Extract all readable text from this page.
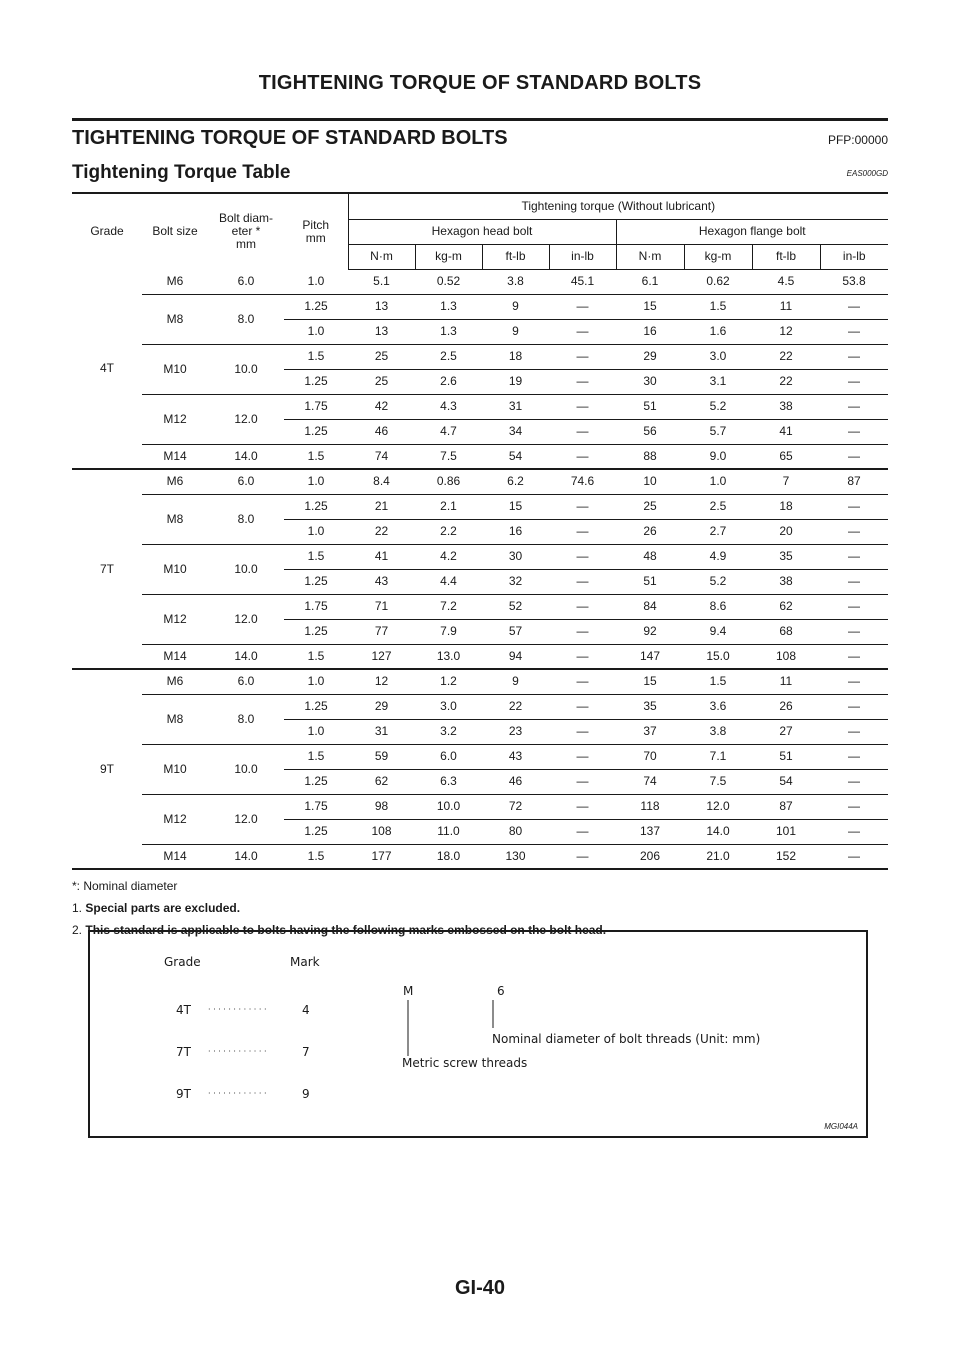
TIGHTENING TORQUE OF STANDARD BOLTS
TIGHTENING TORQUE OF STANDARD BOLTS	PFP:00000
Tightening Torque Table	EAS000GD
Grade	Bolt size	Bolt diam-
eter *
mm	Pitch
mm	Tightening torque (Without lubricant)							
				Hexagon head bolt				Hexagon flange bolt			
				N·m	kg-m	ft-lb	in-lb	N·m	kg-m	ft-lb	in-lb
4T	M6	6.0	1.0	5.1	0.52	3.8	45.1	6.1	0.62	4.5	53.8
	M8	8.0	1.25	13	1.3	9	—	15	1.5	11	—
			1.0	13	1.3	9	—	16	1.6	12	—
	M10	10.0	1.5	25	2.5	18	—	29	3.0	22	—
			1.25	25	2.6	19	—	30	3.1	22	—
	M12	12.0	1.75	42	4.3	31	—	51	5.2	38	—
			1.25	46	4.7	34	—	56	5.7	41	—
	M14	14.0	1.5	74	7.5	54	—	88	9.0	65	—
7T	M6	6.0	1.0	8.4	0.86	6.2	74.6	10	1.0	7	87
	M8	8.0	1.25	21	2.1	15	—	25	2.5	18	—
			1.0	22	2.2	16	—	26	2.7	20	—
	M10	10.0	1.5	41	4.2	30	—	48	4.9	35	—
			1.25	43	4.4	32	—	51	5.2	38	—
	M12	12.0	1.75	71	7.2	52	—	84	8.6	62	—
			1.25	77	7.9	57	—	92	9.4	68	—
	M14	14.0	1.5	127	13.0	94	—	147	15.0	108	—
9T	M6	6.0	1.0	12	1.2	9	—	15	1.5	11	—
	M8	8.0	1.25	29	3.0	22	—	35	3.6	26	—
			1.0	31	3.2	23	—	37	3.8	27	—
	M10	10.0	1.5	59	6.0	43	—	70	7.1	51	—
			1.25	62	6.3	46	—	74	7.5	54	—
	M12	12.0	1.75	98	10.0	72	—	118	12.0	87	—
			1.25	108	11.0	80	—	137	14.0	101	—
	M14	14.0	1.5	177	18.0	130	—	206	21.0	152	—
*: Nominal diameter
1. Special parts are excluded.
2. This standard is applicable to bolts having the following marks embossed on the bolt head.
Grade	Mark
4T · · · · · · · · · · · ·	4
7T · · · · · · · · · · · ·	7
9T · · · · · · · · · · · ·	9
M	6
Nominal diameter of bolt threads (Unit: mm)
Metric screw threads
MGI044A
GI-40
